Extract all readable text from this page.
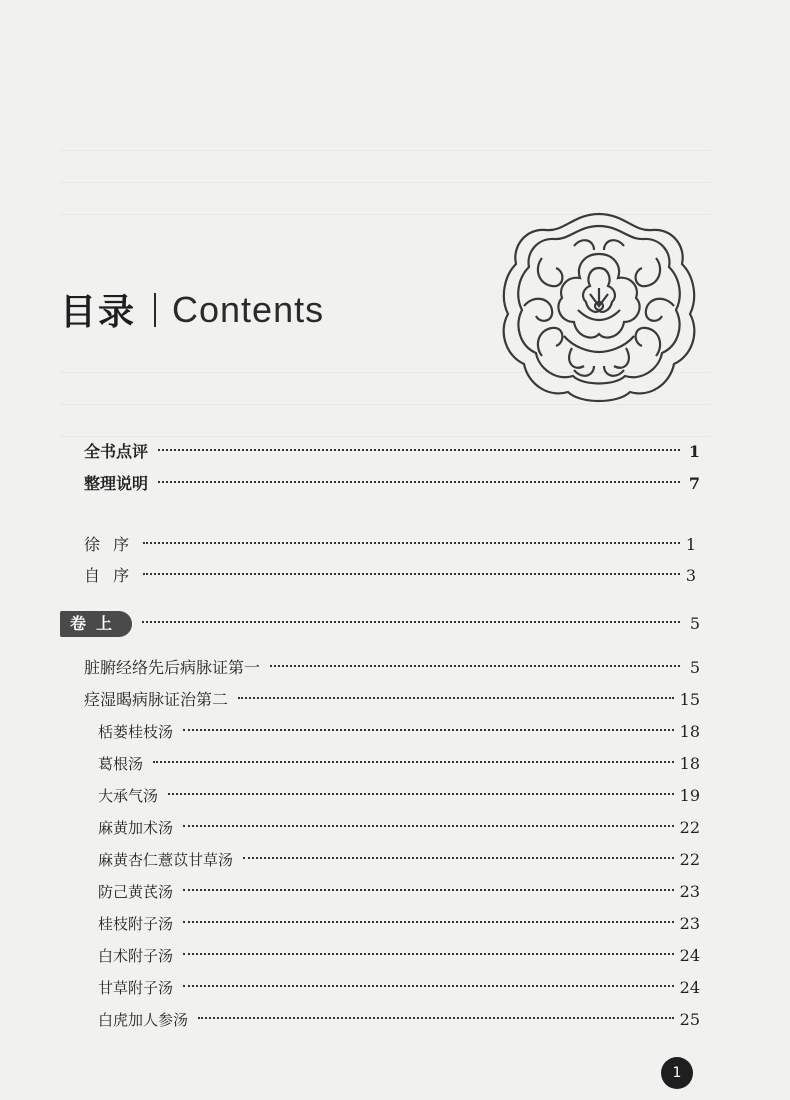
目录 Contents
全书点评	1
整理说明	7
徐 序	1
自 序	3
卷上	5
脏腑经络先后病脉证第一	5
痉湿暍病脉证治第二	15
栝蒌桂枝汤	18
葛根汤	18
大承气汤	19
麻黄加术汤	22
麻黄杏仁薏苡甘草汤	22
防己黄芪汤	23
桂枝附子汤	23
白术附子汤	24
甘草附子汤	24
白虎加人参汤	25
1
